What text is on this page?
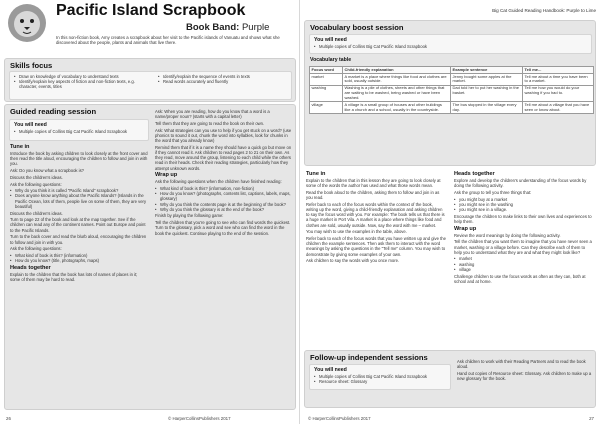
Pacific Island Scrapbook
Book Band: Purple
In this non-fiction book, Amy creates a scrapbook about her visit to the Pacific islands of Vanuatu and shows what she discovered about the people, plants and animals that live there.
Skills focus
• Draw on knowledge of vocabulary to understand texts
• Identify/explain key aspects of fiction and non-fiction texts, e.g. character, events, titles
• Identify/explain the sequence of events in texts
• Read words accurately and fluently
Guided reading session
You will need
• Multiple copies of Collins Big Cat Pacific Island Scrapbook
Tune in

Introduce the book by asking children to look closely at the front cover and then read the title aloud, encouraging the children to follow and join in with you.

Ask: Do you know what a scrapbook is?

Discuss the children's ideas.

Ask the following questions:

• Why do you think it is called "Pacific Island" scrapbook?
• Does anyone know anything about the Pacific Islands? (Islands in the Pacific Ocean, lots of them, people live on some of them, they are very beautiful)

Discuss the children's ideas.

Turn to page 22 of the book and look at the map together. See if the children can read any of the continent names. Point out Europe and point to the Pacific Islands.

Turn to the back cover and read the blurb aloud, encouraging the children to follow and join in with you.

Ask the following questions:

• What kind of book is this? (information)
• How do you know? (title, photographs, maps)
Heads together

Explain to the children that the book has lots of names of places in it; some of them may be hard to read.

Ask: When you are reading, how do you know that a word is a name/proper noun? (starts with a capital letter)

Tell them that they are going to read the book on their own.

Ask: What strategies can you use to help if you get stuck on a word? (use phonics to sound it out, chunk the word into syllables, look for chunks in the word that you already know)

Remind them that if it is a name they should have a quick go but move on if they cannot read it. Ask children to read pages 2 to 21 on their own. As they read, move around the group, listening to each child while the others read in their heads. Check their reading strategies, particularly how they attempt unknown words.

Wrap up

Ask the following questions when the children have finished reading:

• What kind of book is this? (information, non-fiction)
• How do you know? (photographs, contents list, captions, labels, maps, glossary)
• Why do you think the contents page is at the beginning of the book?
• Why do you think the glossary is at the end of the book?

Finish by playing the following game:

Tell the children that you're going to see who can find words the quickest. Turn to the glossary, pick a word and see who can find the word in the book the quickest. Continue playing to the end of the session.

26	© HarperCollinsPublishers 2017
Big Cat Guided Reading Handbook: Purple to Lime
Vocabulary boost session
You will need
• Multiple copies of Collins Big Cat Pacific Island Scrapbook
Vocabulary table
Focus word	Child-friendly explanation	Example sentence	Tell me...
market	A market is a place where things like food and clothes are sold, usually outside.	Jenny bought some apples at the market.	Tell me about a time you have been to a market.
washing	Washing is a pile of clothes, sheets and other things that are waiting to be washed, being washed or have been washed.	Dad told her to put her washing in the basket.	Tell me how you would do your washing if you had to.
village	A village is a small group of houses and other buildings like a church and a school, usually in the countryside.	The bus stopped in the village every day.	Tell me about a village that you have seen or know about.
Tune in

Explain to the children that in this lesson they are going to look closely at some of the words the author has used and what those words mean.

Read the book aloud to the children, asking them to follow and join in as you read.

Refer back to each of the focus words within the context of the book, writing up the word, giving a child-friendly explanation and asking children to say the focus word with you. For example: The book tells us that there is a huge market in Port Vila. A market is a place where things like food and clothes are sold, usually outside. Now, say the word with me – market.

You may wish to use the examples in the table, above.

Refer back to each of the focus words that you have written up and give the children the example sentences. Then ask them to interact with the word meanings by asking the questions in the "Tell me" column. You may wish to demonstrate by giving some examples of your own.

Ask children to say the words with you once more.

Heads together

Explore and develop the children's understanding of the focus words by doing the following activity.

Ask the group to tell you three things that:

• you might buy at a market
• you might see in the washing
• you might see in a village.

Encourage the children to make links to their own lives and experiences to help them.

Wrap up

Review the word meanings by doing the following activity.

Tell the children that you want them to imagine that you have never seen a market, washing or a village before. Can they describe each of them to help you to understand what they are and what they might look like?

• market
• washing
• village

Challenge children to use the focus words as often as they can, both at school and at home.

Follow-up independent sessions
You will need
• Multiple copies of Collins Big Cat Pacific Island Scrapbook
• Resource sheet: Glossary

Ask children to work with their Reading Partners and to read the book aloud.

Hand out copies of Resource sheet: Glossary. Ask children to make up a new glossary for the book.

© HarperCollinsPublishers 2017	27
